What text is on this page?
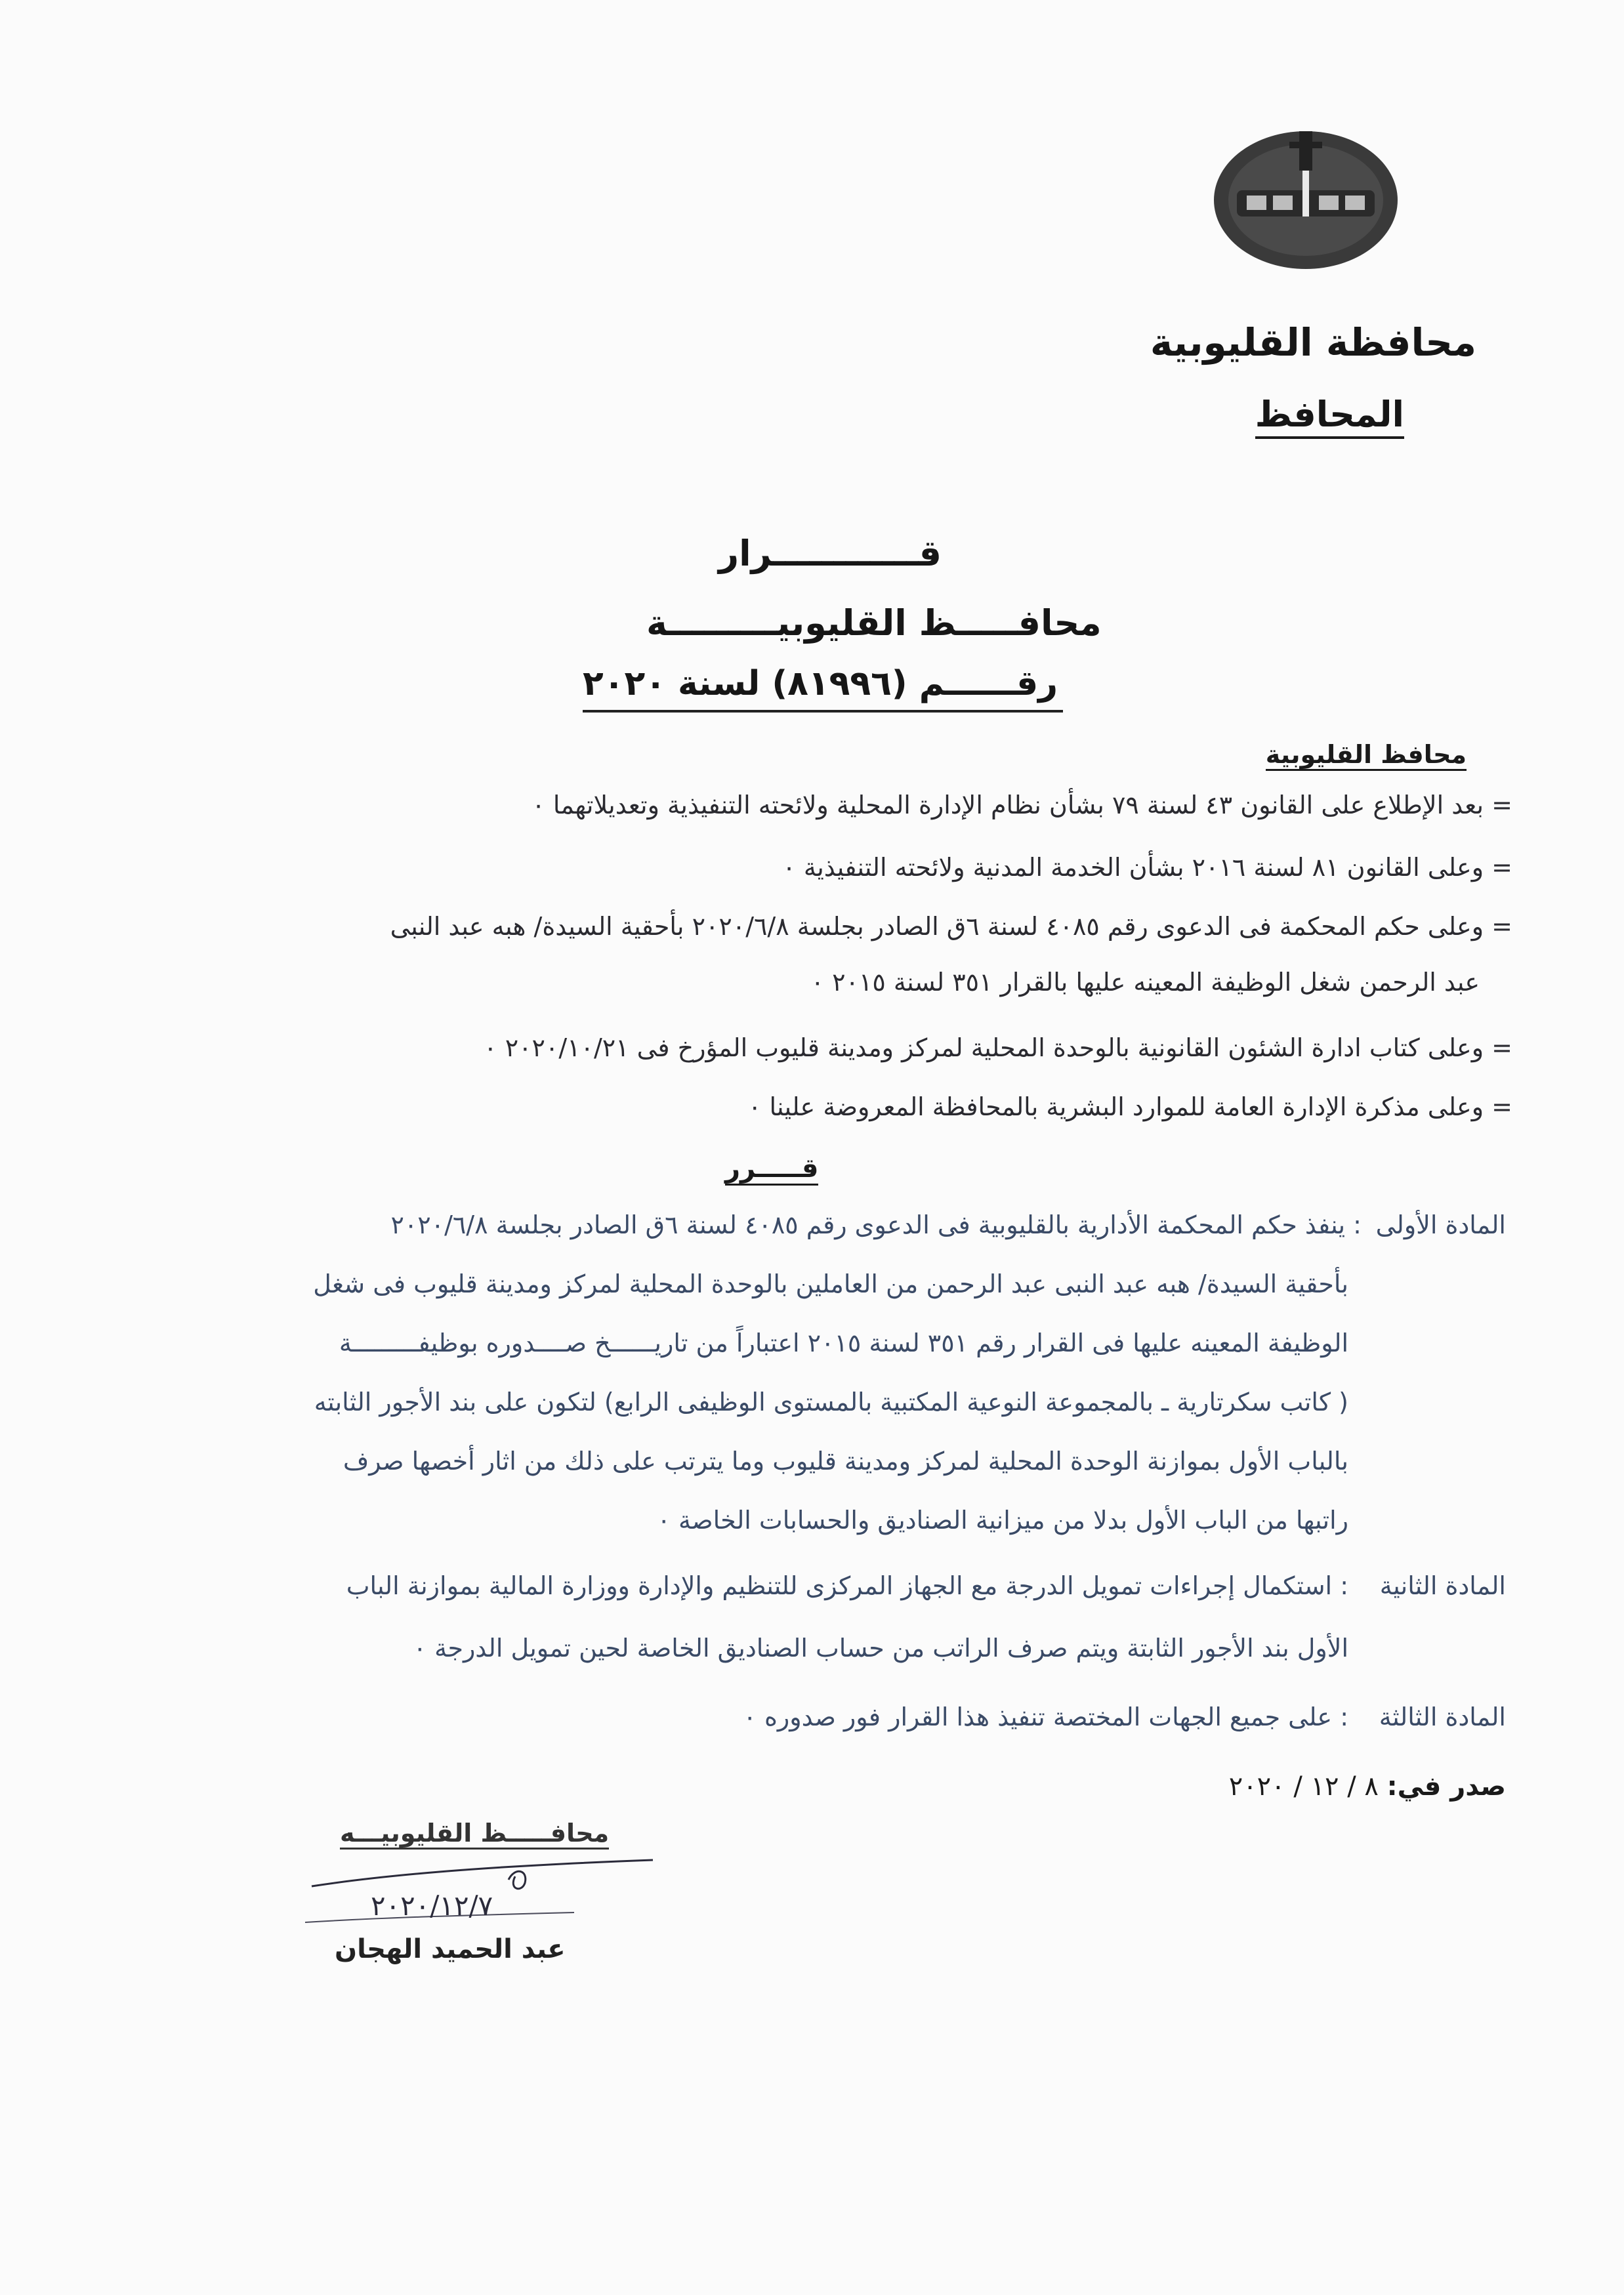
محافظة القليوبية
المحافظ
قــــــــــــرار
محافـــــظ القليوبيـــــــــة
رقــــــم (٨١٩٩٦) لسنة ٢٠٢٠
محافظ القليوبية
= بعد الإطلاع على القانون ٤٣ لسنة ٧٩ بشأن نظام الإدارة المحلية ولائحته التنفيذية وتعديلاتهما ٠
= وعلى القانون ٨١ لسنة ٢٠١٦ بشأن الخدمة المدنية ولائحته التنفيذية ٠
= وعلى حكم المحكمة فى الدعوى رقم ٤٠٨٥ لسنة ٦ق الصادر بجلسة ٢٠٢٠/٦/٨ بأحقية السيدة/ هبه عبد النبى
عبد الرحمن شغل الوظيفة المعينه عليها بالقرار ٣٥١ لسنة ٢٠١٥ ٠
= وعلى كتاب ادارة الشئون القانونية بالوحدة المحلية لمركز ومدينة قليوب المؤرخ فى ٢٠٢٠/١٠/٢١ ٠
= وعلى مذكرة الإدارة العامة للموارد البشرية بالمحافظة المعروضة علينا ٠
قـــــرر
المادة الأولى
: ينفذ حكم المحكمة الأدارية بالقليوبية فى الدعوى رقم ٤٠٨٥ لسنة ٦ق الصادر بجلسة ٢٠٢٠/٦/٨
بأحقية السيدة/ هبه عبد النبى عبد الرحمن من العاملين بالوحدة المحلية لمركز ومدينة قليوب فى شغل
الوظيفة المعينه عليها فى القرار رقم ٣٥١ لسنة ٢٠١٥ اعتباراً من تاريــــــخ صــــدوره بوظيفـــــــــة
( كاتب سكرتارية ـ بالمجموعة النوعية المكتبية بالمستوى الوظيفى الرابع) لتكون على بند الأجور الثابته
بالباب الأول بموازنة الوحدة المحلية لمركز ومدينة قليوب وما يترتب على ذلك من اثار أخصها صرف
راتبها من الباب الأول بدلا من ميزانية الصناديق والحسابات الخاصة ٠
المادة الثانية
: استكمال إجراءات تمويل الدرجة مع الجهاز المركزى للتنظيم والإدارة ووزارة المالية بموازنة الباب
الأول بند الأجور الثابتة ويتم صرف الراتب من حساب الصناديق الخاصة لحين تمويل الدرجة ٠
المادة الثالثة
: على جميع الجهات المختصة تنفيذ هذا القرار فور صدوره ٠
صدر في: ٨ / ١٢ / ٢٠٢٠
محافـــــظ القليوبيـــه
٢٠٢٠/١٢/٧
عبد الحميد الهجان
